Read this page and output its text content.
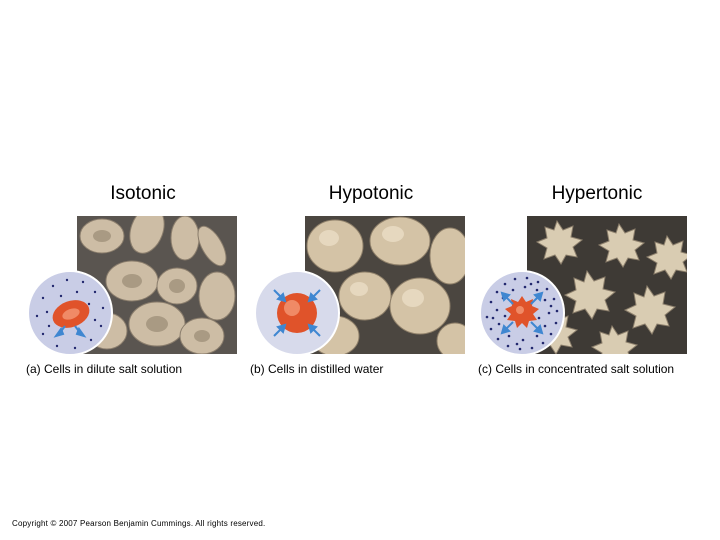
Isotonic	Hypotonic	Hypertonic
(a) Cells in dilute salt solution	(b) Cells in distilled water	(c) Cells in concentrated salt solution
Copyright © 2007 Pearson Benjamin Cummings. All rights reserved.
